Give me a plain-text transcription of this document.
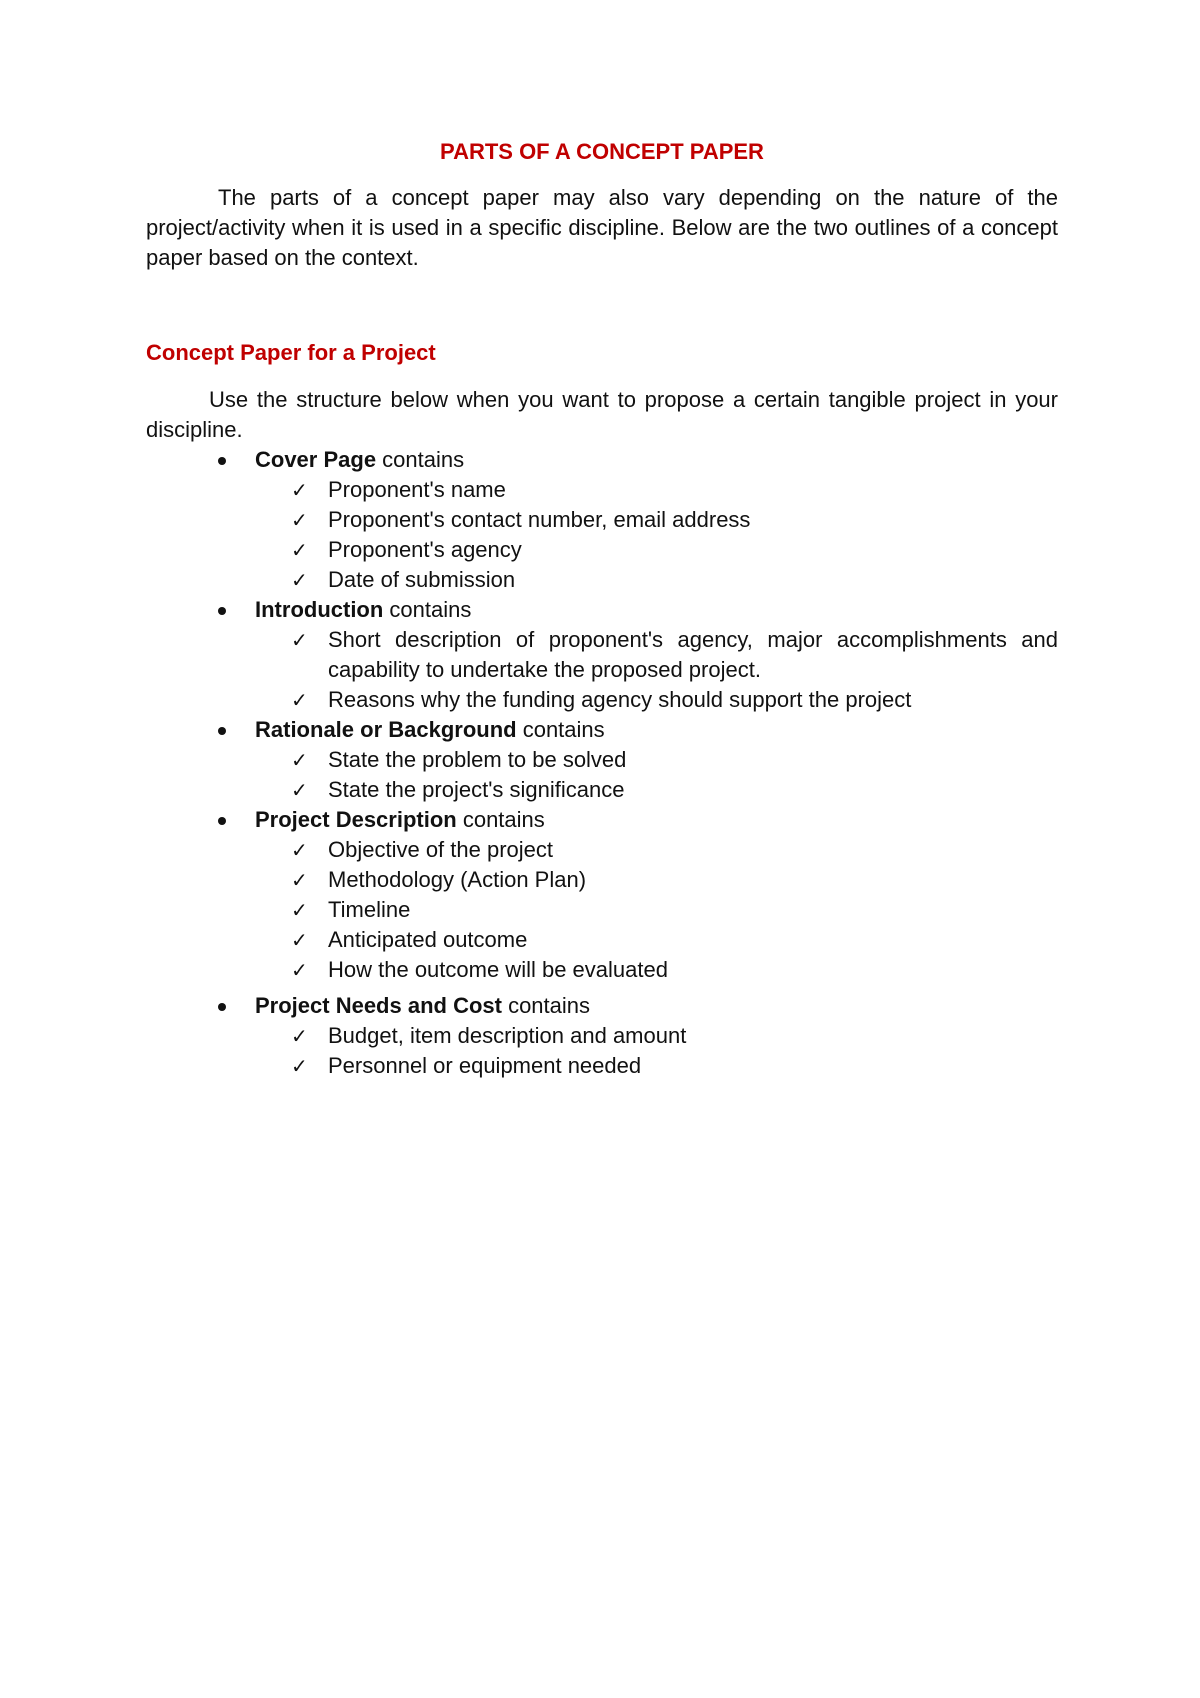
PARTS OF A CONCEPT PAPER

The parts of a concept paper may also vary depending on the nature of the project/activity when it is used in a specific discipline. Below are the two outlines of a concept paper based on the context.

Concept Paper for a Project

Use the structure below when you want to propose a certain tangible project in your discipline.

Cover Page contains
✓ Proponent's name
✓ Proponent's contact number, email address
✓ Proponent's agency
✓ Date of submission
Introduction contains
✓ Short description of proponent's agency, major accomplishments and capability to undertake the proposed project.
✓ Reasons why the funding agency should support the project
Rationale or Background contains
✓ State the problem to be solved
✓ State the project's significance
Project Description contains
✓ Objective of the project
✓ Methodology (Action Plan)
✓ Timeline
✓ Anticipated outcome
✓ How the outcome will be evaluated
Project Needs and Cost contains
✓ Budget, item description and amount
✓ Personnel or equipment needed
